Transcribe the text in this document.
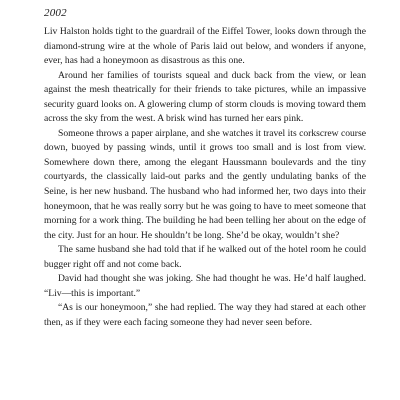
2002

Liv Halston holds tight to the guardrail of the Eiffel Tower, looks down through the diamond-strung wire at the whole of Paris laid out below, and wonders if anyone, ever, has had a honeymoon as disastrous as this one.

Around her families of tourists squeal and duck back from the view, or lean against the mesh theatrically for their friends to take pictures, while an impassive security guard looks on. A glowering clump of storm clouds is moving toward them across the sky from the west. A brisk wind has turned her ears pink.

Someone throws a paper airplane, and she watches it travel its corkscrew course down, buoyed by passing winds, until it grows too small and is lost from view. Somewhere down there, among the elegant Haussmann boulevards and the tiny courtyards, the classically laid-out parks and the gently undulating banks of the Seine, is her new husband. The husband who had informed her, two days into their honeymoon, that he was really sorry but he was going to have to meet someone that morning for a work thing. The building he had been telling her about on the edge of the city. Just for an hour. He shouldn’t be long. She’d be okay, wouldn’t she?

The same husband she had told that if he walked out of the hotel room he could bugger right off and not come back.

David had thought she was joking. She had thought he was. He’d half laughed. “Liv—this is important.”

“As is our honeymoon,” she had replied. The way they had stared at each other then, as if they were each facing someone they had never seen before.
